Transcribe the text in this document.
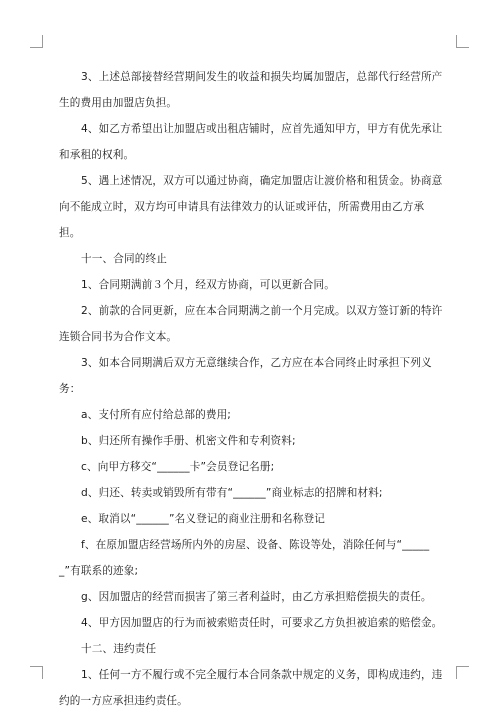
3、上述总部接替经营期间发生的收益和损失均属加盟店，总部代行经营所产生的费用由加盟店负担。

4、如乙方希望出让加盟店或出租店铺时，应首先通知甲方，甲方有优先承让和承租的权利。

5、遇上述情况，双方可以通过协商，确定加盟店让渡价格和租赁金。协商意向不能成立时，双方均可申请具有法律效力的认证或评估，所需费用由乙方承担。

十一、合同的终止

1、合同期满前３个月，经双方协商，可以更新合同。

2、前款的合同更新，应在本合同期满之前一个月完成。以双方签订新的特许连锁合同书为合作文本。

3、如本合同期满后双方无意继续合作，乙方应在本合同终止时承担下列义务：

a、支付所有应付给总部的费用;

b、归还所有操作手册、机密文件和专利资料;

c、向甲方移交“______卡”会员登记名册;

d、归还、转卖或销毁所有带有“______”商业标志的招牌和材料;

e、取消以“______”名义登记的商业注册和名称登记

f、在原加盟店经营场所内外的房屋、设备、陈设等处，消除任何与“______”有联系的迹象;

g、因加盟店的经营而损害了第三者利益时，由乙方承担赔偿损失的责任。

4、甲方因加盟店的行为而被索赔责任时，可要求乙方负担被追索的赔偿金。

十二、违约责任

1、任何一方不履行或不完全履行本合同条款中规定的义务，即构成违约，违约的一方应承担违约责任。
